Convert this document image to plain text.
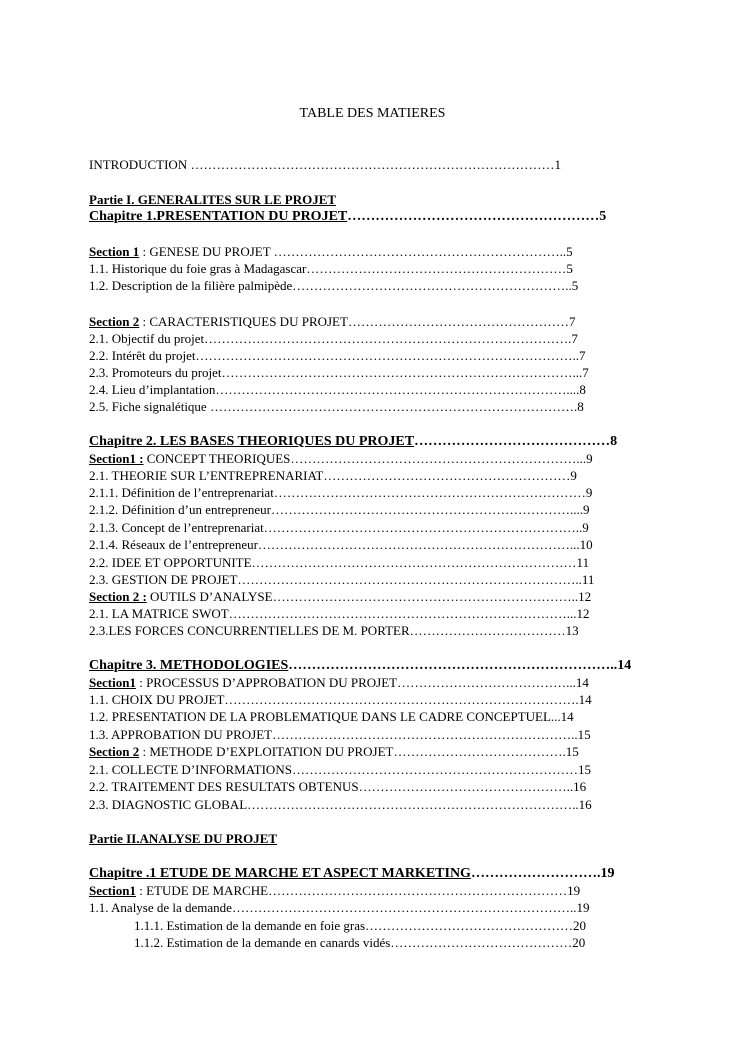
TABLE DES MATIERES
INTRODUCTION …………………………………………………………………………1
Partie I. GENERALITES SUR LE PROJET
Chapitre 1.PRESENTATION DU PROJET………………………………………………5
Section 1 : GENESE DU PROJET …………………………………………………………..5
1.1. Historique du foie gras à Madagascar……………………………………………………5
1.2. Description de la filière palmipède………………………………………………………..5
Section 2 : CARACTERISTIQUES DU PROJET……………………………………………7
2.1. Objectif du projet………………………………………………………………………….7
2.2. Intérêt du projet……………………………………………………………………………..7
2.3. Promoteurs du projet………………………………………………………………………...7
2.4. Lieu d’implantation………………………………………………………………………....8
2.5. Fiche signalétique ………………………………………………………………………….8
Chapitre 2. LES BASES THEORIQUES DU PROJET……………………………………8
Section1 : CONCEPT THEORIQUES…………………………………………………………...9
2.1. THEORIE SUR L’ENTREPRENARIAT…………………………………………………9
2.1.1. Définition de l’entreprenariat………………………………………………………………9
2.1.2. Définition d’un entrepreneur……………………………………………………………....9
2.1.3. Concept de l’entreprenariat………………………………………………………………..9
2.1.4. Réseaux de l’entrepreneur………………………………………………………………...10
2.2. IDEE ET OPPORTUNITE…………………………………………………………………11
2.3. GESTION DE PROJET……………………………………………………………………..11
Section 2 : OUTILS D’ANALYSE……………………………………………………………..12
2.1. LA MATRICE SWOT……………………………………………………………………...12
2.3.LES FORCES CONCURRENTIELLES DE M. PORTER………………………………13
Chapitre 3. METHODOLOGIES……………………………………………………………..14
Section1 : PROCESSUS D’APPROBATION DU PROJET…………………………………...14
1.1. CHOIX DU PROJET……………………………………………………………………….14
1.2. PRESENTATION DE LA PROBLEMATIQUE DANS LE CADRE CONCEPTUEL...14
1.3. APPROBATION DU PROJET……………………………………………………………..15
Section 2 : METHODE D’EXPLOITATION DU PROJET………………………………….15
2.1. COLLECTE D’INFORMATIONS…………………………………………………………15
2.2. TRAITEMENT DES RESULTATS OBTENUS…………………………………………..16
2.3. DIAGNOSTIC GLOBAL…………………………………………………………………..16
Partie II.ANALYSE DU PROJET
Chapitre .1 ETUDE DE MARCHE ET ASPECT MARKETING……………………….19
Section1 : ETUDE DE MARCHE……………………………………………………………19
1.1. Analyse de la demande……………………………………………………………………..19
1.1.1. Estimation de la demande en foie gras…………………………………………20
1.1.2. Estimation de la demande en canards vidés……………………………………20
